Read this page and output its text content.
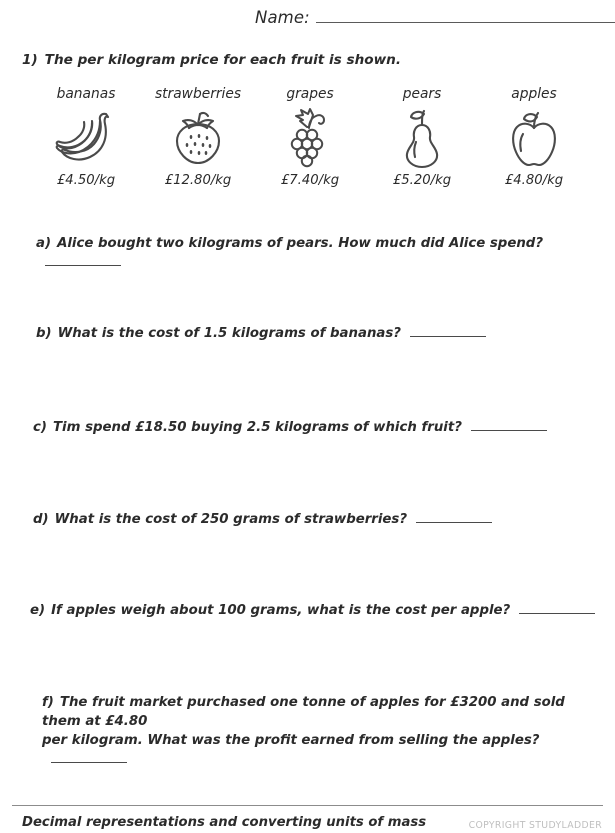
Name:
1) The per kilogram price for each fruit is shown.
bananas
£4.50/kg
strawberries
£12.80/kg
grapes
£7.40/kg
pears
£5.20/kg
apples
£4.80/kg
a) Alice bought two kilograms of pears. How much did Alice spend?
b) What is the cost of 1.5 kilograms of bananas?
c) Tim spend £18.50 buying 2.5 kilograms of which fruit?
d) What is the cost of 250 grams of strawberries?
e) If apples weigh about 100 grams, what is the cost per apple?
f) The fruit market purchased one tonne of apples for £3200 and sold them at £4.80
per kilogram. What was the profit earned from selling the apples?
Decimal representations and converting units of mass	COPYRIGHT STUDYLADDER
